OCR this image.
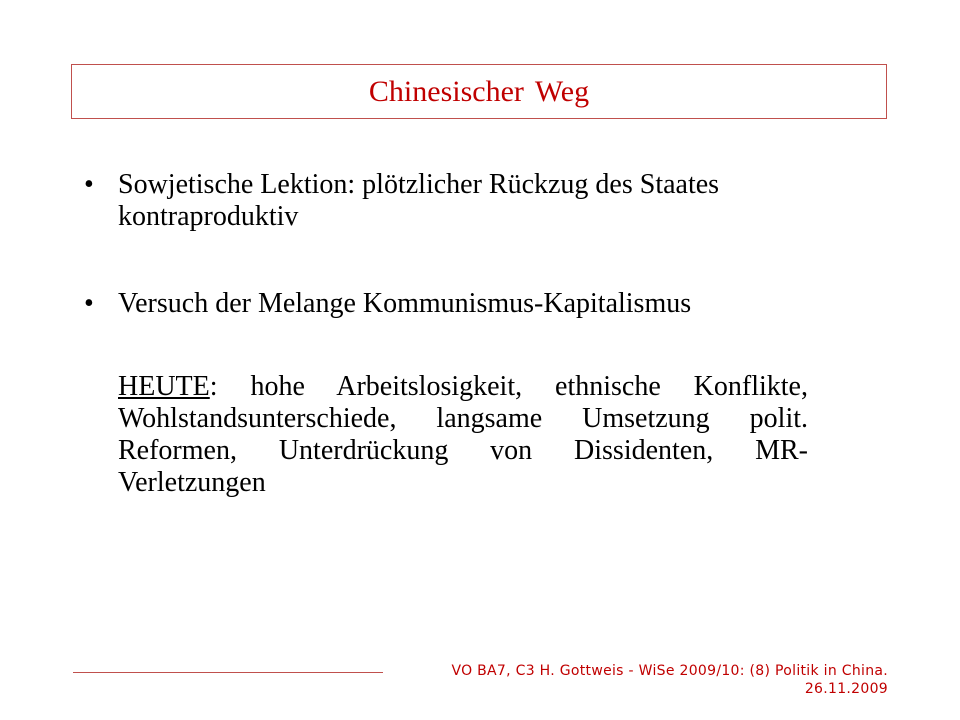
Chinesischer Weg
• Sowjetische Lektion: plötzlicher Rückzug des Staates kontraproduktiv
• Versuch der Melange Kommunismus-Kapitalismus
HEUTE: hohe Arbeitslosigkeit, ethnische Konflikte, Wohlstandsunterschiede, langsame Umsetzung polit. Reformen, Unterdrückung von Dissidenten, MR-Verletzungen
VO BA7, C3 H. Gottweis - WiSe 2009/10: (8) Politik in China.
26.11.2009
